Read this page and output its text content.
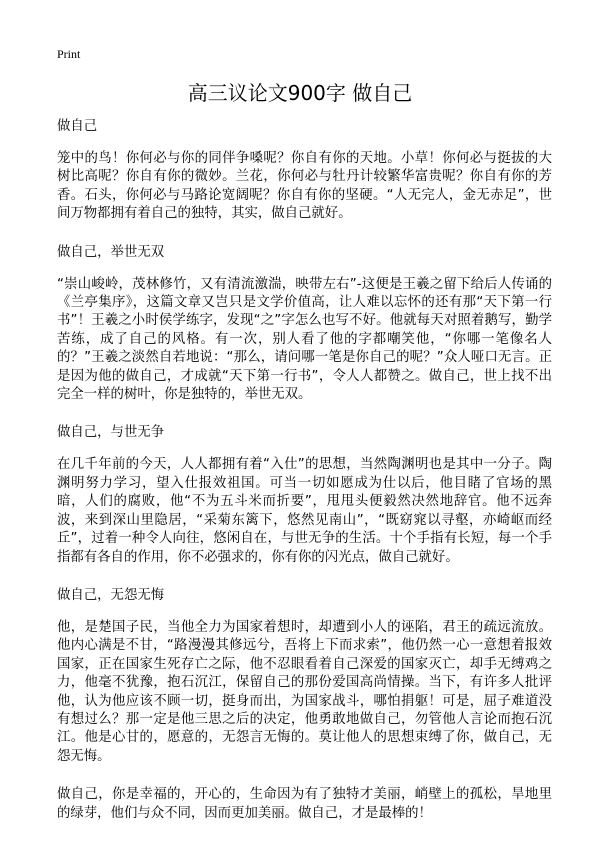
Print
高三议论文900字 做自己
做自己

笼中的鸟！你何必与你的同伴争嗓呢？你自有你的天地。小草！你何必与挺拔的大树比高呢？你自有你的微妙。兰花，你何必与牡丹计较繁华富贵呢？你自有你的芳香。石头，你何必与马路论宽阔呢？你自有你的坚硬。“人无完人，金无赤足”，世间万物都拥有着自己的独特，其实，做自己就好。

做自己，举世无双

“崇山峻岭，茂林修竹，又有清流激湍，映带左右”-这便是王羲之留下给后人传诵的《兰亭集序》，这篇文章又岂只是文学价值高，让人难以忘怀的还有那“天下第一行书”！王羲之小时侯学练字，发现“之”字怎么也写不好。他就每天对照着鹅写，勤学苦练，成了自己的风格。有一次，别人看了他的字都嘲笑他，“你哪一笔像名人的？”王羲之淡然自若地说：“那么，请问哪一笔是你自己的呢？”众人哑口无言。正是因为他的做自己，才成就“天下第一行书”，令人人都赞之。做自己，世上找不出完全一样的树叶，你是独特的，举世无双。

做自己，与世无争

在几千年前的今天，人人都拥有着“入仕”的思想，当然陶渊明也是其中一分子。陶渊明努力学习，望入仕报效祖国。可当一切如愿成为仕以后，他目睹了官场的黑暗，人们的腐败，他“不为五斗米而折要”，甩甩头便毅然决然地辞官。他不远奔波，来到深山里隐居，“采菊东篱下，悠然见南山”，“既窈窕以寻壑，亦崎岖而经丘”，过着一种令人向往，悠闲自在，与世无争的生活。十个手指有长短，每一个手指都有各自的作用，你不必强求的，你有你的闪光点，做自己就好。

做自己，无怨无悔

他，是楚国子民，当他全力为国家着想时，却遭到小人的诬陷，君王的疏远流放。他内心满是不甘，“路漫漫其修远兮，吾将上下而求索”，他仍然一心一意想着报效国家，正在国家生死存亡之际，他不忍眼看着自己深爱的国家灭亡，却手无缚鸡之力，他毫不犹豫，抱石沉江，保留自己的那份爱国高尚情操。当下，有许多人批评他，认为他应该不顾一切，挺身而出，为国家战斗，哪怕捐躯！可是，屈子难道没有想过么？那一定是他三思之后的决定，他勇敢地做自己，勿管他人言论而抱石沉江。他是心甘的，愿意的，无怨言无悔的。莫让他人的思想束缚了你，做自己，无怨无悔。

做自己，你是幸福的，开心的，生命因为有了独特才美丽，峭壁上的孤松，旱地里的绿芽，他们与众不同，因而更加美丽。做自己，才是最棒的！
